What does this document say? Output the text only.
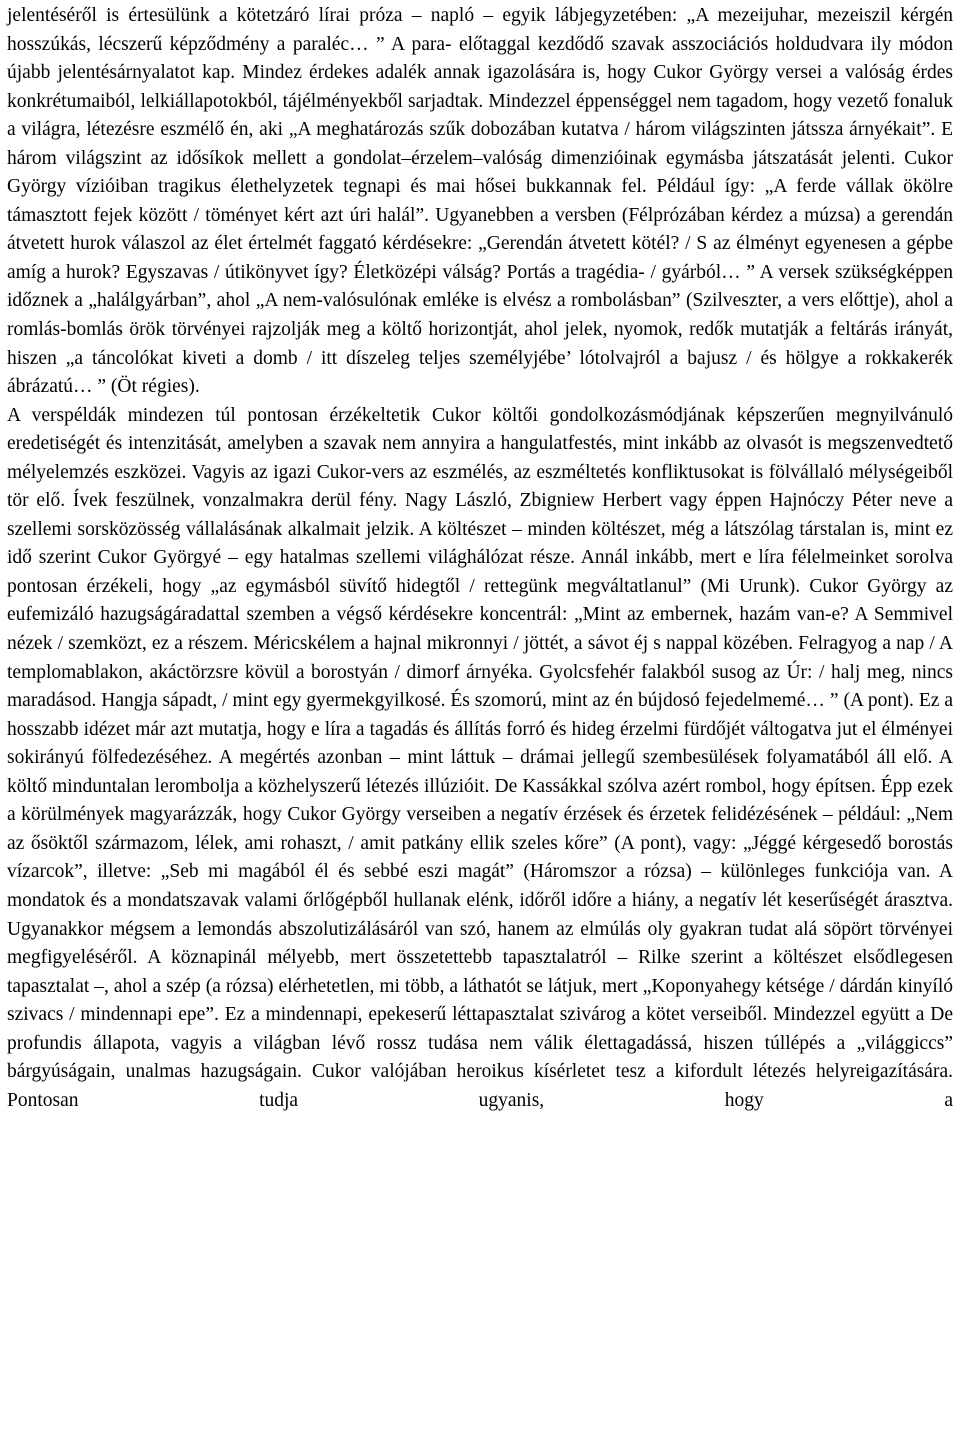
jelentéséről is értesülünk a kötetzáró lírai próza – napló – egyik lábjegyzetében: „A mezeijuhar, mezeiszil kérgén hosszúkás, lécszerű képződmény a paraléc… ” A para- előtaggal kezdődő szavak asszociációs holdudvara ily módon újabb jelentésárnyalatot kap. Mindez érdekes adalék annak igazolására is, hogy Cukor György versei a valóság érdes konkrétumaiból, lelkiállapotokból, tájélményekből sarjadtak. Mindezzel éppenséggel nem tagadom, hogy vezető fonaluk a világra, létezésre eszmélő én, aki „A meghatározás szűk dobozában kutatva / három világszinten játssza árnyékait”. E három világszint az idősíkok mellett a gondolat–érzelem–valóság dimenzióinak egymásba játszatását jelenti. Cukor György vízióiban tragikus élethelyzetek tegnapi és mai hősei bukkannak fel. Például így: „A ferde vállak ökölre támasztott fejek között / töményet kért azt úri halál”. Ugyanebben a versben (Félprózában kérdez a múzsa) a gerendán átvetett hurok válaszol az élet értelmét faggató kérdésekre: „Gerendán átvetett kötél? / S az élményt egyenesen a gépbe amíg a hurok? Egyszavas / útikönyvet így? Életközépi válság? Portás a tragédia- / gyárból… ” A versek szükségképpen időznek a „halálgyárban”, ahol „A nem-valósulónak emléke is elvész a rombolásban” (Szilveszter, a vers előttje), ahol a romlás-bomlás örök törvényei rajzolják meg a költő horizontját, ahol jelek, nyomok, redők mutatják a feltárás irányát, hiszen „a táncolókat kiveti a domb / itt díszeleg teljes személyjébe’ lótolvajról a bajusz / és hölgye a rokkakerék ábrázatú… ” (Öt régies).

A verspéldák mindezen túl pontosan érzékeltetik Cukor költői gondolkozásmódjának képszerűen megnyilvánuló eredetiségét és intenzitását, amelyben a szavak nem annyira a hangulatfestés, mint inkább az olvasót is megszenvedtető mélyelemzés eszközei. Vagyis az igazi Cukor-vers az eszmélés, az eszméltetés konfliktusokat is fölvállaló mélységeiből tör elő. Ívek feszülnek, vonzalmakra derül fény. Nagy László, Zbigniew Herbert vagy éppen Hajnóczy Péter neve a szellemi sorsközösség vállalásának alkalmait jelzik. A költészet – minden költészet, még a látszólag társtalan is, mint ez idő szerint Cukor Györgyé – egy hatalmas szellemi világhálózat része. Annál inkább, mert e líra félelmeinket sorolva pontosan érzékeli, hogy „az egymásból süvítő hidegtől / rettegünk megváltatlanul” (Mi Urunk). Cukor György az eufemizáló hazugságáradattal szemben a végső kérdésekre koncentrál: „Mint az embernek, hazám van-e? A Semmivel nézek / szemközt, ez a részem. Méricskélem a hajnal mikronnyi / jöttét, a sávot éj s nappal közében. Felragyog a nap / A templomablakon, akáctörzsre kövül a borostyán / dimorf árnyéka. Gyolcsfehér falakból susog az Úr: / halj meg, nincs maradásod. Hangja sápadt, / mint egy gyermekgyilkosé. És szomorú, mint az én bújdosó fejedelmemé… ” (A pont). Ez a hosszabb idézet már azt mutatja, hogy e líra a tagadás és állítás forró és hideg érzelmi fürdőjét váltogatva jut el élményei sokirányú fölfedezéséhez. A megértés azonban – mint láttuk – drámai jellegű szembesülések folyamatából áll elő. A költő minduntalan lerombolja a közhelyszerű létezés illúzióit. De Kassákkal szólva azért rombol, hogy építsen. Épp ezek a körülmények magyarázzák, hogy Cukor György verseiben a negatív érzések és érzetek felidézésének – például: „Nem az ősöktől származom, lélek, ami rohaszt, / amit patkány ellik szeles kőre” (A pont), vagy: „Jéggé kérgesedő borostás vízarcok”, illetve: „Seb mi magából él és sebbé eszi magát” (Háromszor a rózsa) – különleges funkciója van. A mondatok és a mondatszavak valami őrlőgépből hullanak elénk, időről időre a hiány, a negatív lét keserűségét árasztva. Ugyanakkor mégsem a lemondás abszolutizálásáról van szó, hanem az elmúlás oly gyakran tudat alá söpört törvényei megfigyeléséről. A köznapinál mélyebb, mert összetettebb tapasztalatról – Rilke szerint a költészet elsődlegesen tapasztalat –, ahol a szép (a rózsa) elérhetetlen, mi több, a láthatót se látjuk, mert „Koponyahegy kétsége / dárdán kinyíló szivacs / mindennapi epe”. Ez a mindennapi, epekeserű léttapasztalat szivárog a kötet verseiből. Mindezzel együtt a De profundis állapota, vagyis a világban lévő rossz tudása nem válik élettagadássá, hiszen túllépés a „világgiccs” bárgyúságain, unalmas hazugságain. Cukor valójában heroikus kísérletet tesz a kifordult létezés helyreigazítására. Pontosan tudja ugyanis, hogy a
